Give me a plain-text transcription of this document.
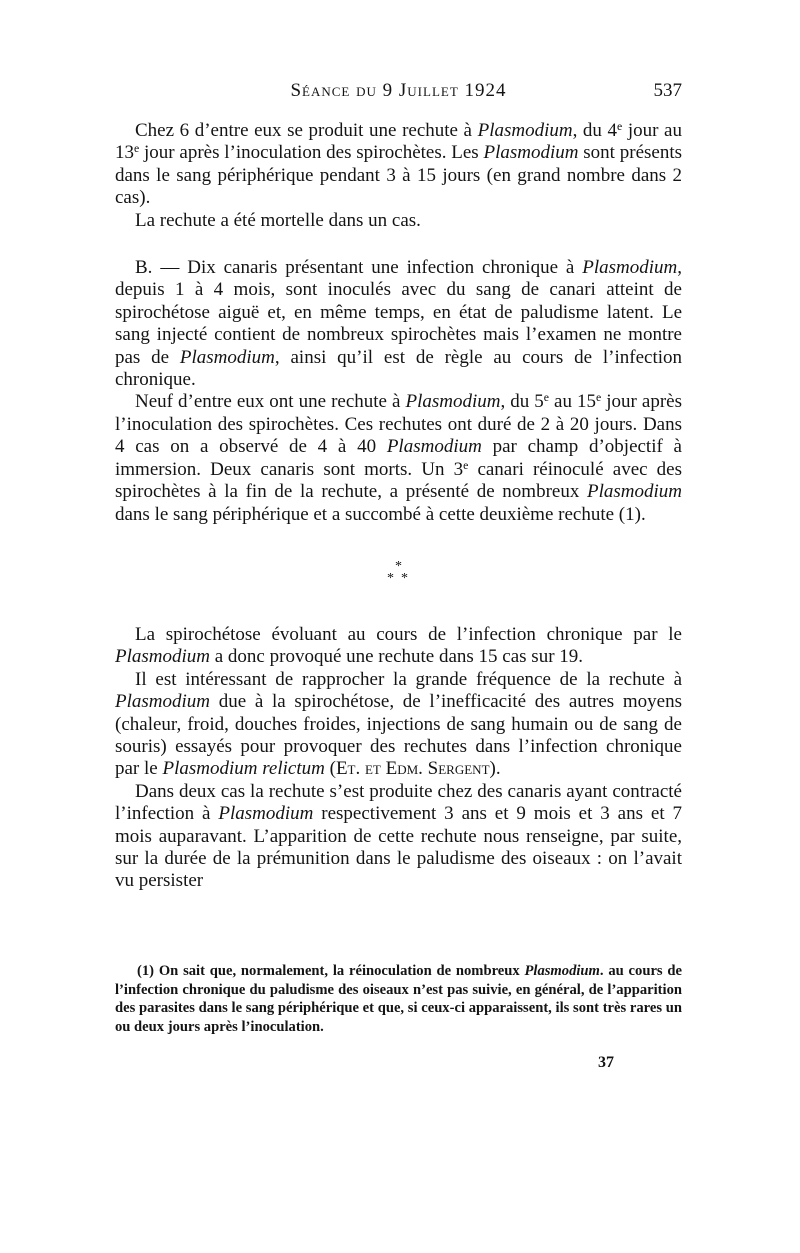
Séance du 9 Juillet 1924	537

Chez 6 d’entre eux se produit une rechute à Plasmodium, du 4e jour au 13e jour après l’inoculation des spirochètes. Les Plasmodium sont présents dans le sang périphérique pendant 3 à 15 jours (en grand nombre dans 2 cas).

La rechute a été mortelle dans un cas.

B. — Dix canaris présentant une infection chronique à Plasmodium, depuis 1 à 4 mois, sont inoculés avec du sang de canari atteint de spirochétose aiguë et, en même temps, en état de paludisme latent. Le sang injecté contient de nombreux spirochètes mais l’examen ne montre pas de Plasmodium, ainsi qu’il est de règle au cours de l’infection chronique.

Neuf d’entre eux ont une rechute à Plasmodium, du 5e au 15e jour après l’inoculation des spirochètes. Ces rechutes ont duré de 2 à 20 jours. Dans 4 cas on a observé de 4 à 40 Plasmodium par champ d’objectif à immersion. Deux canaris sont morts. Un 3e canari réinoculé avec des spirochètes à la fin de la rechute, a présenté de nombreux Plasmodium dans le sang périphérique et a succombé à cette deuxième rechute (1).

*
* *

La spirochétose évoluant au cours de l’infection chronique par le Plasmodium a donc provoqué une rechute dans 15 cas sur 19.

Il est intéressant de rapprocher la grande fréquence de la rechute à Plasmodium due à la spirochétose, de l’inefficacité des autres moyens (chaleur, froid, douches froides, injections de sang humain ou de sang de souris) essayés pour provoquer des rechutes dans l’infection chronique par le Plasmodium relictum (Et. et Edm. Sergent).

Dans deux cas la rechute s’est produite chez des canaris ayant contracté l’infection à Plasmodium respectivement 3 ans et 9 mois et 3 ans et 7 mois auparavant. L’apparition de cette rechute nous renseigne, par suite, sur la durée de la prémunition dans le paludisme des oiseaux : on l’avait vu persister

(1) On sait que, normalement, la réinoculation de nombreux Plasmodium. au cours de l’infection chronique du paludisme des oiseaux n’est pas suivie, en général, de l’apparition des parasites dans le sang périphérique et que, si ceux-ci apparaissent, ils sont très rares un ou deux jours après l’inoculation.

37
